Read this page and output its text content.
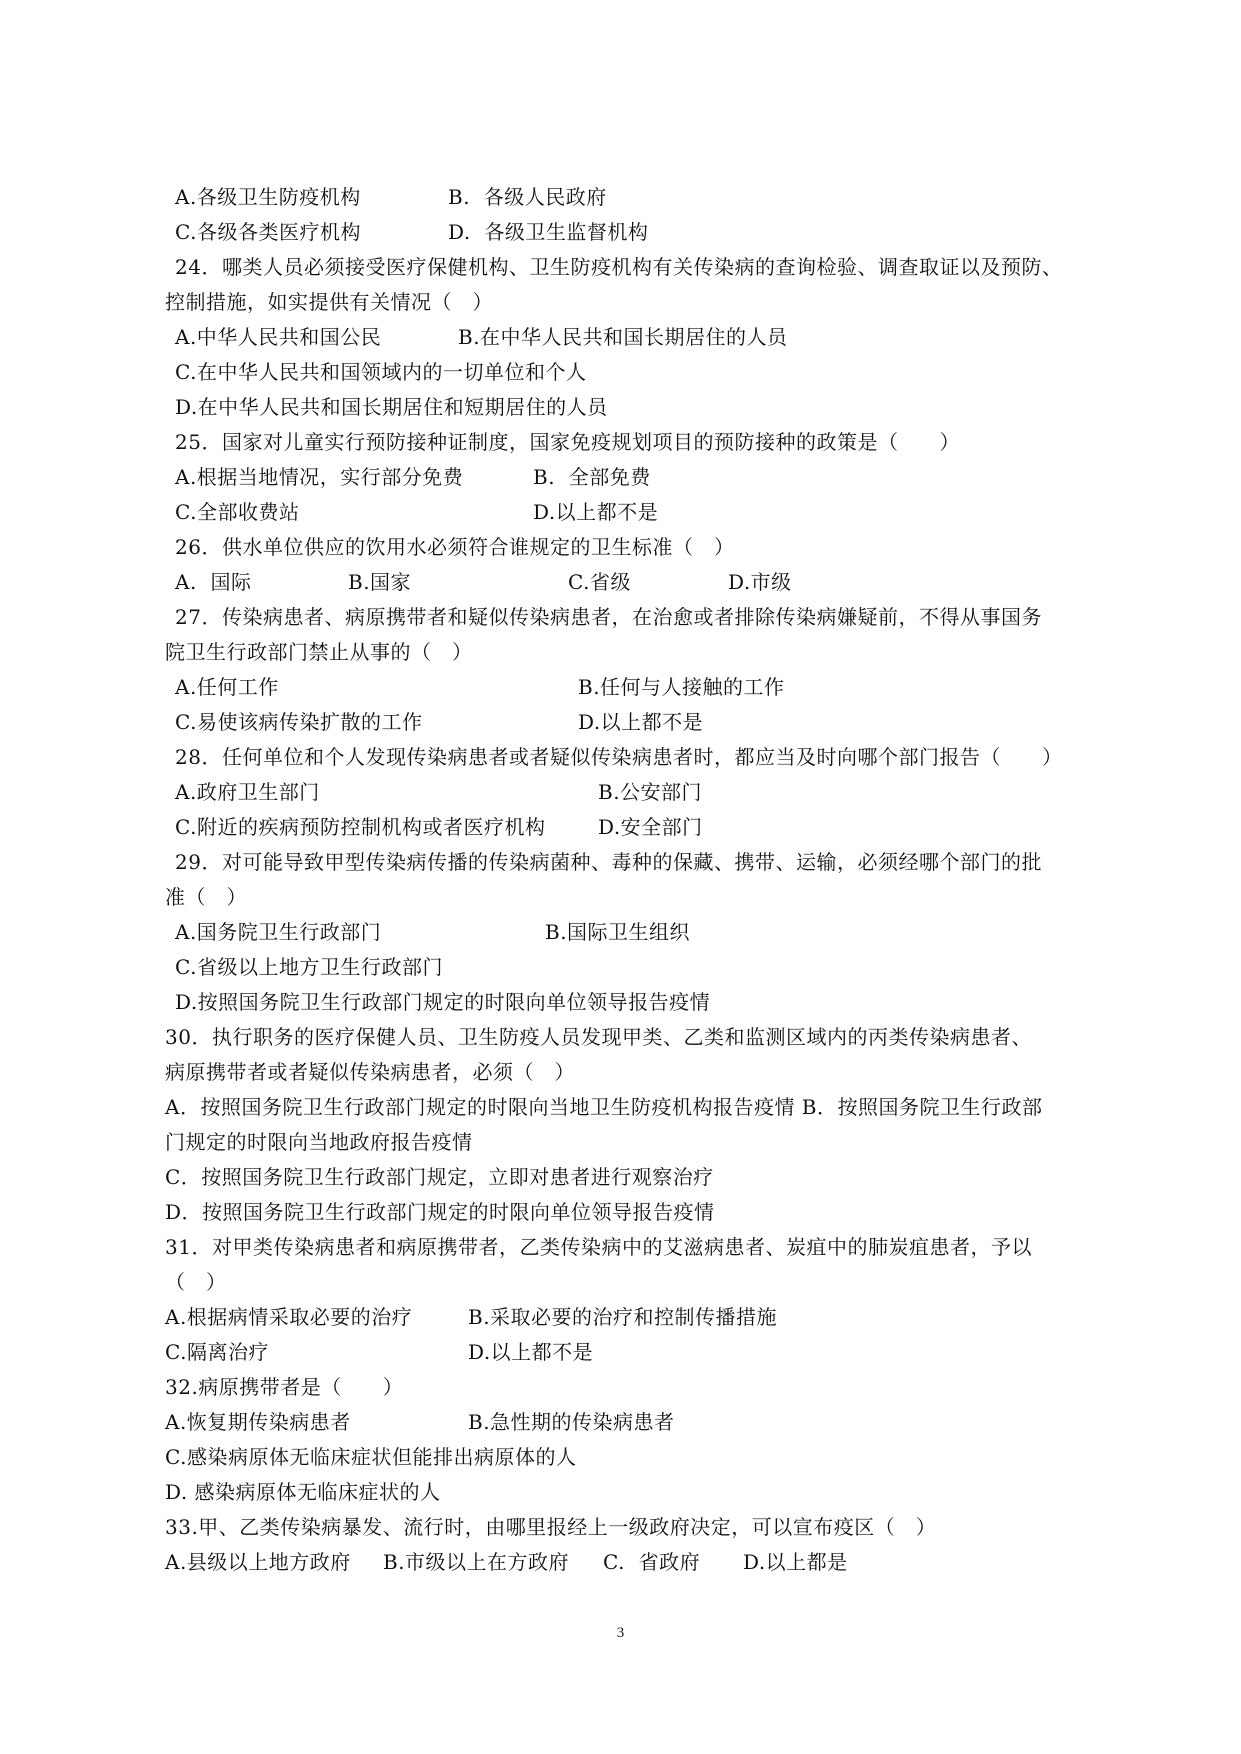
A.各级卫生防疫机构	B.  各级人民政府
C.各级各类医疗机构	D.  各级卫生监督机构
24．哪类人员必须接受医疗保健机构、卫生防疫机构有关传染病的查询检验、调查取证以及预防、
控制措施，如实提供有关情况（　）
A.中华人民共和国公民	B.在中华人民共和国长期居住的人员
C.在中华人民共和国领域内的一切单位和个人
D.在中华人民共和国长期居住和短期居住的人员
25．国家对儿童实行预防接种证制度，国家免疫规划项目的预防接种的政策是（　　）
A.根据当地情况，实行部分免费	B.  全部免费
C.全部收费站	D.以上都不是
26．供水单位供应的饮用水必须符合谁规定的卫生标准（　）
A.  国际	B.国家	C.省级	D.市级
27．传染病患者、病原携带者和疑似传染病患者，在治愈或者排除传染病嫌疑前，不得从事国务
院卫生行政部门禁止从事的（　）
A.任何工作	B.任何与人接触的工作
C.易使该病传染扩散的工作	D.以上都不是
28．任何单位和个人发现传染病患者或者疑似传染病患者时，都应当及时向哪个部门报告（　　）
A.政府卫生部门	B.公安部门
C.附近的疾病预防控制机构或者医疗机构	D.安全部门
29．对可能导致甲型传染病传播的传染病菌种、毒种的保藏、携带、运输，必须经哪个部门的批
准（　）
A.国务院卫生行政部门	B.国际卫生组织
C.省级以上地方卫生行政部门
D.按照国务院卫生行政部门规定的时限向单位领导报告疫情
30．执行职务的医疗保健人员、卫生防疫人员发现甲类、乙类和监测区域内的丙类传染病患者、
病原携带者或者疑似传染病患者，必须（　）
A．按照国务院卫生行政部门规定的时限向当地卫生防疫机构报告疫情 B．按照国务院卫生行政部
门规定的时限向当地政府报告疫情
C．按照国务院卫生行政部门规定，立即对患者进行观察治疗
D．按照国务院卫生行政部门规定的时限向单位领导报告疫情
31．对甲类传染病患者和病原携带者，乙类传染病中的艾滋病患者、炭疽中的肺炭疽患者，予以
（　）
A.根据病情采取必要的治疗	B.采取必要的治疗和控制传播措施
C.隔离治疗	D.以上都不是
32.病原携带者是（　　）
A.恢复期传染病患者	B.急性期的传染病患者
C.感染病原体无临床症状但能排出病原体的人
D. 感染病原体无临床症状的人
33.甲、乙类传染病暴发、流行时，由哪里报经上一级政府决定，可以宣布疫区（　）
A.县级以上地方政府 B.市级以上在方政府 C.  省政府 D.以上都是
3
